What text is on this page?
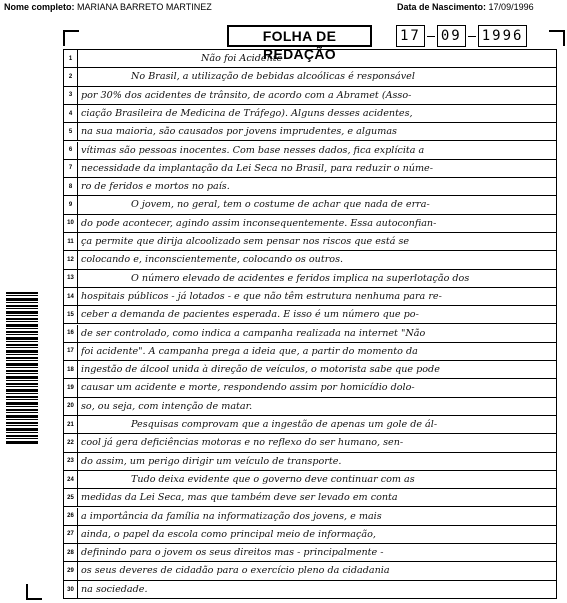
Nome completo: MARIANA BARRETO MARTINEZ	Data de Nascimento: 17/09/1996
FOLHA DE REDAÇÃO
17 09 1996
1	Não foi Acidente
2	No Brasil, a utilização de bebidas alcoólicas é responsável
3 por 30% dos acidentes de trânsito, de acordo com a Abramet (Asso-
4 ciação Brasileira de Medicina de Tráfego). Alguns desses acidentes,
5 na sua maioria, são causados por jovens imprudentes, e algumas
6 vítimas são pessoas inocentes. Com base nesses dados, fica explícita a
7 necessidade da implantação da Lei Seca no Brasil, para reduzir o núme-
8 ro de feridos e mortos no país.
9	O jovem, no geral, tem o costume de achar que nada de erra-
10 do pode acontecer, agindo assim inconsequentemente. Essa autoconfian-
11 ça permite que dirija alcoolizado sem pensar nos riscos que está se
12 colocando e, inconscientemente, colocando os outros.
13	O número elevado de acidentes e feridos implica na superlotação dos
14 hospitais públicos - já lotados - e que não têm estrutura nenhuma para re-
15 ceber a demanda de pacientes esperada. E isso é um número que po-
16 de ser controlado, como indica a campanha realizada na internet "Não
17 foi acidente". A campanha prega a ideia que, a partir do momento da
18 ingestão de álcool unida à direção de veículos, o motorista sabe que pode
19 causar um acidente e morte, respondendo assim por homicídio dolo-
20 so, ou seja, com intenção de matar.
21	Pesquisas comprovam que a ingestão de apenas um gole de ál-
22 cool já gera deficiências motoras e no reflexo do ser humano, sen-
23 do assim, um perigo dirigir um veículo de transporte.
24	Tudo deixa evidente que o governo deve continuar com as
25 medidas da Lei Seca, mas que também deve ser levado em conta
26 a importância da família na informatização dos jovens, e mais
27 ainda, o papel da escola como principal meio de informação,
28 definindo para o jovem os seus direitos mas - principalmente -
29 os seus deveres de cidadão para o exercício pleno da cidadania
30 na sociedade.
